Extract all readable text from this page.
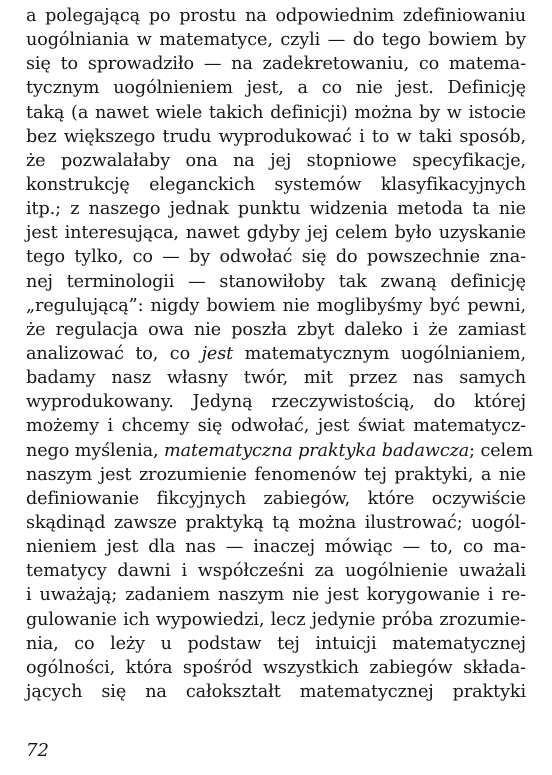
a polegającą po prostu na odpowiednim zdefiniowaniu
uogólniania w matematyce, czyli — do tego bowiem by
się to sprowadziło — na zadekretowaniu, co matema-
tycznym uogólnieniem jest, a co nie jest. Definicję
taką (a nawet wiele takich definicji) można by w istocie
bez większego trudu wyprodukować i to w taki sposób,
że pozwalałaby ona na jej stopniowe specyfikacje,
konstrukcję eleganckich systemów klasyfikacyjnych
itp.; z naszego jednak punktu widzenia metoda ta nie
jest interesująca, nawet gdyby jej celem było uzyskanie
tego tylko, co — by odwołać się do powszechnie zna-
nej terminologii — stanowiłoby tak zwaną definicję
„regulującą”: nigdy bowiem nie moglibyśmy być pewni,
że regulacja owa nie poszła zbyt daleko i że zamiast
analizować to, co jest matematycznym uogólnianiem,
badamy nasz własny twór, mit przez nas samych
wyprodukowany. Jedyną rzeczywistością, do której
możemy i chcemy się odwołać, jest świat matematycz-
nego myślenia, matematyczna praktyka badawcza; celem
naszym jest zrozumienie fenomenów tej praktyki, a nie
definiowanie fikcyjnych zabiegów, które oczywiście
skądinąd zawsze praktyką tą można ilustrować; uogól-
nieniem jest dla nas — inaczej mówiąc — to, co ma-
tematycy dawni i współcześni za uogólnienie uważali
i uważają; zadaniem naszym nie jest korygowanie i re-
gulowanie ich wypowiedzi, lecz jedynie próba zrozumie-
nia, co leży u podstaw tej intuicji matematycznej
ogólności, która spośród wszystkich zabiegów składa-
jących się na całokształt matematycznej praktyki
72
